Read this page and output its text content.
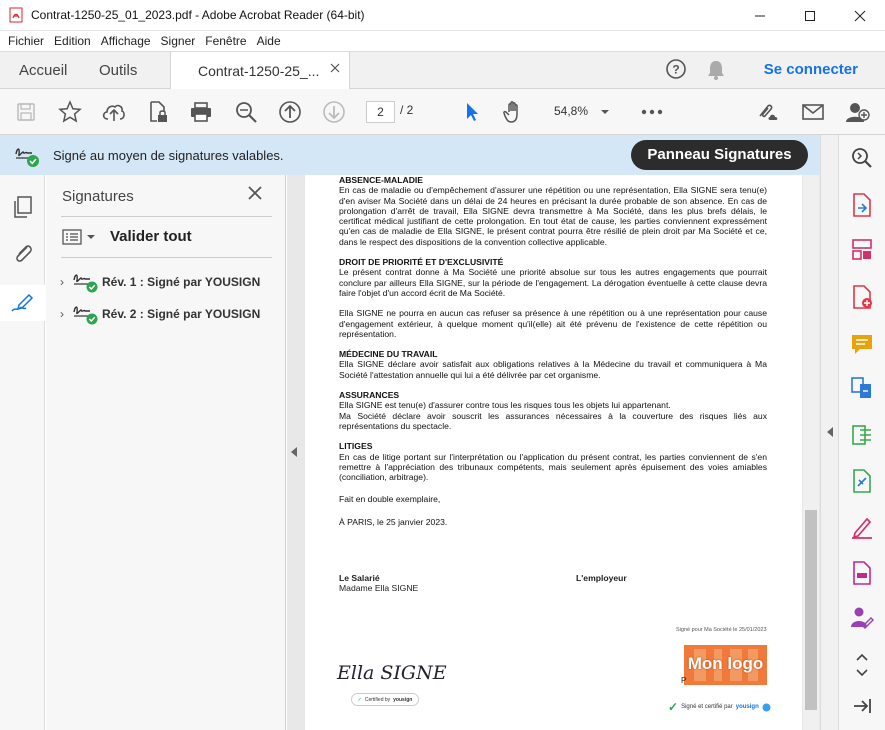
Contrat-1250-25_01_2023.pdf - Adobe Acrobat Reader (64-bit)
Fichier Edition Affichage Signer Fenêtre Aide
Accueil Outils	Contrat-1250-25_...	?	Se connecter
2	/ 2	54,8%
Signé au moyen de signatures valables.	Panneau Signatures
Signatures
Valider tout
›	Rév. 1 : Signé par YOUSIGN
›	Rév. 2 : Signé par YOUSIGN
ABSENCE-MALADIE

En cas de maladie ou d'empêchement d'assurer une répétition ou une représentation, Ella SIGNE sera tenu(e) d'en aviser Ma Société dans un délai de 24 heures en précisant la durée probable de son absence. En cas de prolongation d'arrêt de travail, Ella SIGNE devra transmettre à Ma Société, dans les plus brefs délais, le certificat médical justifiant de cette prolongation. En tout état de cause, les parties conviennent expressément qu'en cas de maladie de Ella SIGNE, le présent contrat pourra être résilié de plein droit par Ma Société et ce, dans le respect des dispositions de la convention collective applicable.

DROIT DE PRIORITÉ ET D'EXCLUSIVITÉ

Le présent contrat donne à Ma Société une priorité absolue sur tous les autres engagements que pourrait conclure par ailleurs Ella SIGNE, sur la période de l'engagement. La dérogation éventuelle à cette clause devra faire l'objet d'un accord écrit de Ma Société.

Ella SIGNE ne pourra en aucun cas refuser sa présence à une répétition ou à une représentation pour cause d'engagement extérieur, à quelque moment qu'il(elle) ait été prévenu de l'existence de cette répétition ou représentation.

MÉDECINE DU TRAVAIL

Ella SIGNE déclare avoir satisfait aux obligations relatives à la Médecine du travail et communiquera à Ma Société l'attestation annuelle qui lui a été délivrée par cet organisme.

ASSURANCES

Ella SIGNE est tenu(e) d'assurer contre tous les risques tous les objets lui appartenant.

Ma Société déclare avoir souscrit les assurances nécessaires à la couverture des risques liés aux représentations du spectacle.

LITIGES

En cas de litige portant sur l'interprétation ou l'application du présent contrat, les parties conviennent de s'en remettre à l'appréciation des tribunaux compétents, mais seulement après épuisement des voies amiables (conciliation, arbitrage).

Fait en double exemplaire,

À PARIS, le 25 janvier 2023.

Le Salarié
Madame Ella SIGNE
L'employeur
Signé pour Ma Société le 25/01/2023
Ella SIGNE
✓ Certified by yousign
Mon logo
P
✓ Signé et certifié par yousign
